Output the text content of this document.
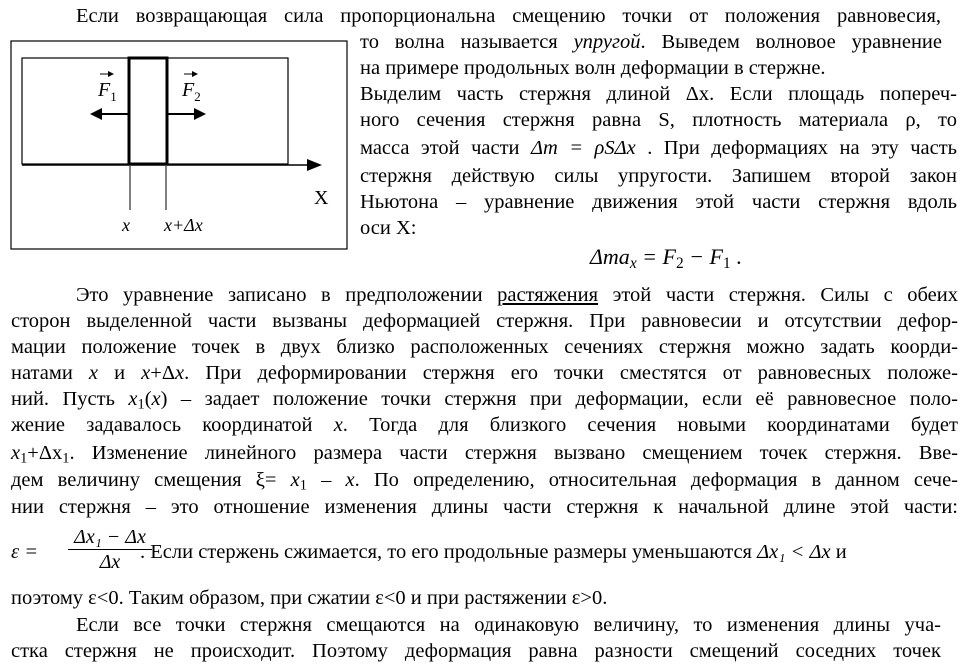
$F_1$	$F_2$
X
x x+Δx
Если возвращающая сила пропорциональна смещению точки от положения равновесия,
то волна называется упругой. Выведем волновое уравнение
на примере продольных волн деформации в стержне.
Выделим часть стержня длиной Δx. Если площадь попереч-
ного сечения стержня равна S, плотность материала ρ, то
масса этой части Δm = ρSΔx . При деформациях на эту часть
стержня действую силы упругости. Запишем второй закон
Ньютона – уравнение движения этой части стержня вдоль
оси X:
$\Delta ma_x = F_2 - F_1$ .
Это уравнение записано в предположении растяжения этой части стержня. Силы с обеих
сторон выделенной части вызваны деформацией стержня. При равновесии и отсутствии дефор-
мации положение точек в двух близко расположенных сечениях стержня можно задать коорди-
натами x и x+Δx. При деформировании стержня его точки сместятся от равновесных положе-
ний. Пусть $x_1(x)$ – задает положение точки стержня при деформации, если её равновесное поло-
жение задавалось координатой x. Тогда для близкого сечения новыми координатами будет
$x_1+\Delta x_1$. Изменение линейного размера части стержня вызвано смещением точек стержня. Вве-
дем величину смещения $\xi= x_1 - x$. По определению, относительная деформация в данном сече-
нии стержня – это отношение изменения длины части стержня к начальной длине этой части:
$\varepsilon = \frac{\text{Δx₁ − Δx}}{\Delta x}$
. Если стержень сжимается, то его продольные размеры уменьшаются Δx₁ < Δx и
поэтому ε<0. Таким образом, при сжатии ε<0 и при растяжении ε>0.
Если все точки стержня смещаются на одинаковую величину, то изменения длины уча-
стка стержня не происходит. Поэтому деформация равна разности смещений соседних точек
